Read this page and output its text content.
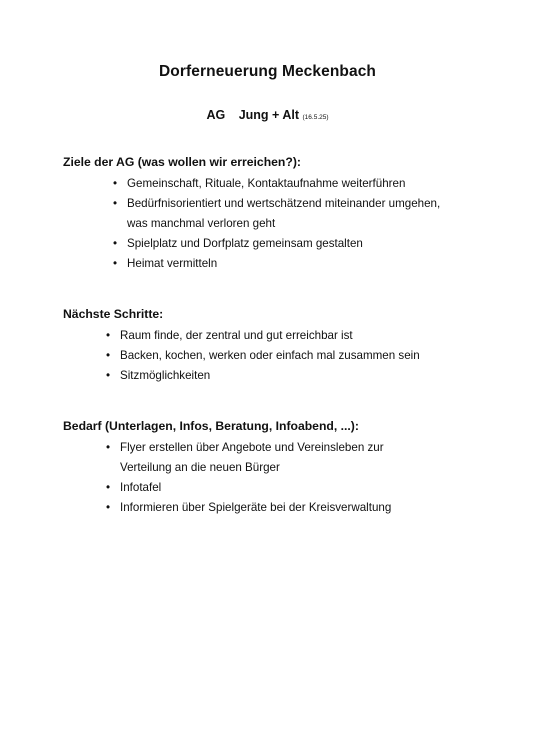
Dorferneuerung Meckenbach
AG Jung + Alt (16.5.25)

Ziele der AG (was wollen wir erreichen?):

• Gemeinschaft, Rituale, Kontaktaufnahme weiterführen
• Bedürfnisorientiert und wertschätzend miteinander umgehen,
was manchmal verloren geht
• Spielplatz und Dorfplatz gemeinsam gestalten
• Heimat vermitteln

Nächste Schritte:

• Raum finde, der zentral und gut erreichbar ist
• Backen, kochen, werken oder einfach mal zusammen sein
• Sitzmöglichkeiten

Bedarf (Unterlagen, Infos, Beratung, Infoabend, ...):

• Flyer erstellen über Angebote und Vereinsleben zur
Verteilung an die neuen Bürger
• Infotafel
• Informieren über Spielgeräte bei der Kreisverwaltung
